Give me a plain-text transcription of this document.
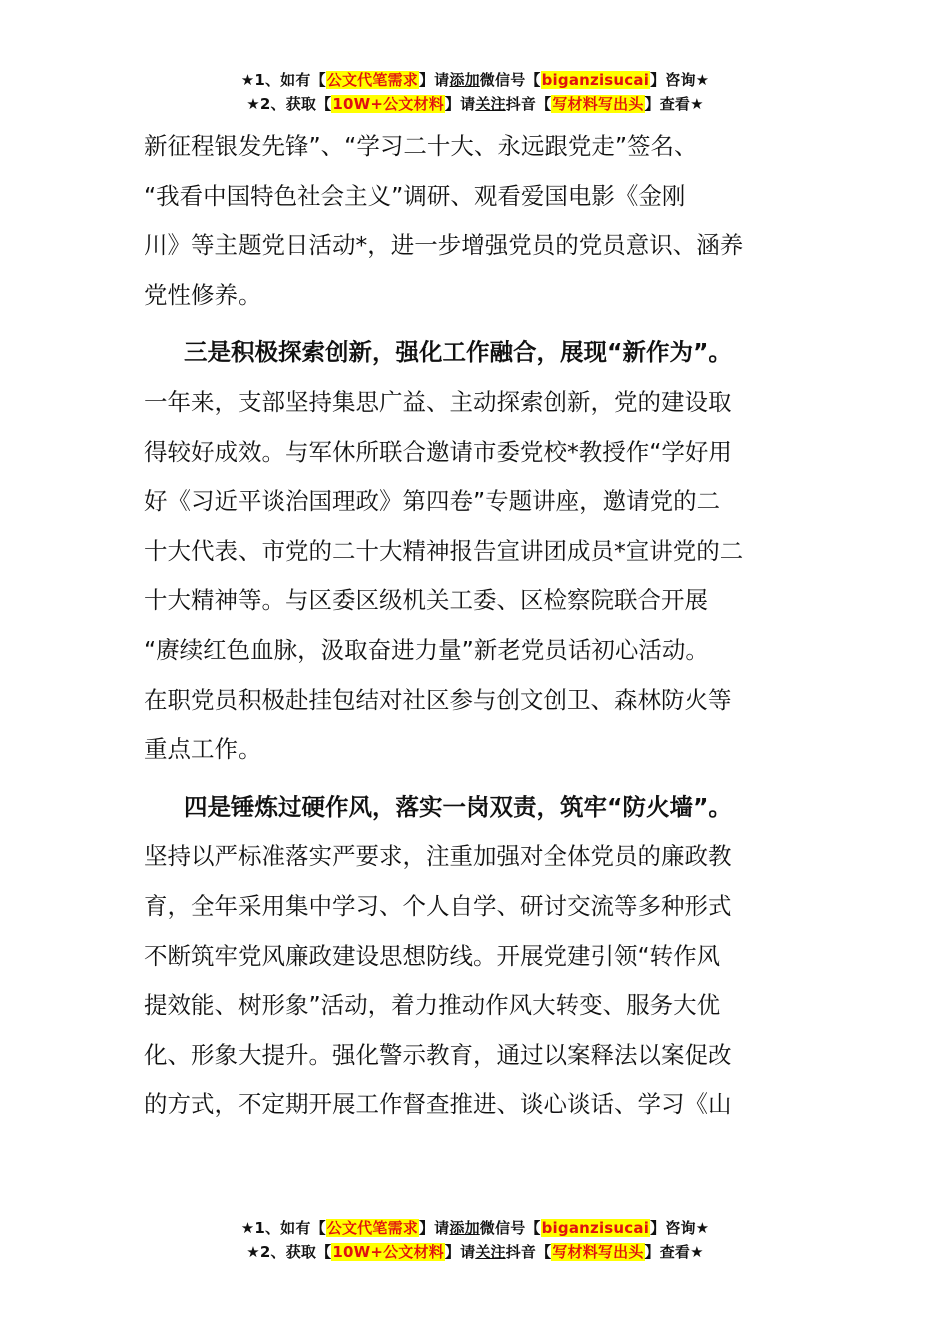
★1、如有【公文代笔需求】请添加微信号【biganzisucai】咨询★
★2、获取【10W+公文材料】请关注抖音【写材料写出头】查看★
新征程银发先锋”、“学习二十大、永远跟党走”签名、
“我看中国特色社会主义”调研、观看爱国电影《金刚
川》等主题党日活动*，进一步增强党员的党员意识、涵养
党性修养。
三是积极探索创新，强化工作融合，展现“新作为”。
一年来，支部坚持集思广益、主动探索创新，党的建设取
得较好成效。与军休所联合邀请市委党校*教授作“学好用
好《习近平谈治国理政》第四卷”专题讲座，邀请党的二
十大代表、市党的二十大精神报告宣讲团成员*宣讲党的二
十大精神等。与区委区级机关工委、区检察院联合开展
“赓续红色血脉，汲取奋进力量”新老党员话初心活动。
在职党员积极赴挂包结对社区参与创文创卫、森林防火等
重点工作。
四是锤炼过硬作风，落实一岗双责，筑牢“防火墙”。
坚持以严标准落实严要求，注重加强对全体党员的廉政教
育，全年采用集中学习、个人自学、研讨交流等多种形式
不断筑牢党风廉政建设思想防线。开展党建引领“转作风
提效能、树形象”活动，着力推动作风大转变、服务大优
化、形象大提升。强化警示教育，通过以案释法以案促改
的方式，不定期开展工作督查推进、谈心谈话、学习《山
★1、如有【公文代笔需求】请添加微信号【biganzisucai】咨询★
★2、获取【10W+公文材料】请关注抖音【写材料写出头】查看★
